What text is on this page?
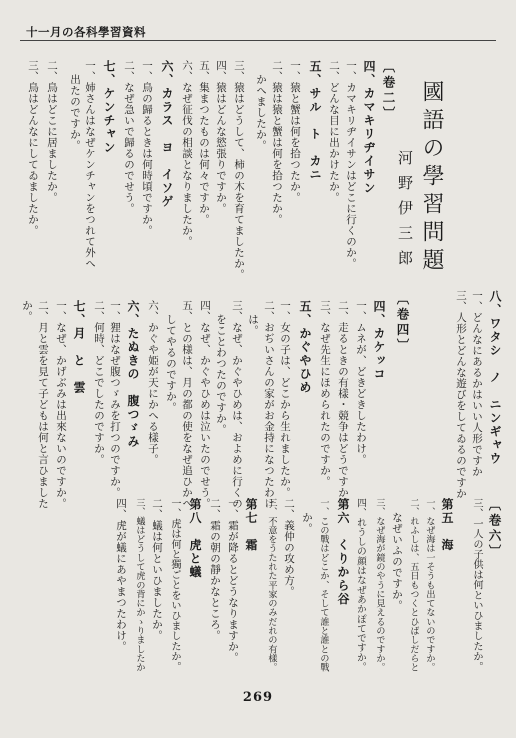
十一月の各科學習資料
三、鳥はどんなにしてゐましたか。 二、鳥はどこに居ましたか。 出たのですか。 一、姉さんはなぜケンチャンをつれて外へ 七、ケンチャン 二、なぜ急いで歸るのでせう。 一、鳥の歸るときは何時頃ですか。 六、カラス　ヨ　イソゲ 六、なぜ征伐の相談となりましたか。 五、集まつたものは何々ですか。 四、猿はどんな慾張りですか。 三、猿はどうして、柿の木を育てましたか。 かへましたか。 二、猿は猿と蟹は何を拾つたか。 一、猿と蟹は何を拾つたか。 五、サル　ト　カニ 二、どんな目に出かけたか。 一、カマキリヂイサンはどこに行くのか。 四、カマキリヂイサン 〔卷二〕 國語の學習問題
河野伊三郎
三、人形とどんな遊びをしてゐるのですか 一、どんなにあるかはいい人形ですか 八、ワタシ　ノ　ニンギャウ
〔卷四〕
四、カケッコ
一、ムネが、どきどきしたわけ。
二、走るときの有樣・競争はどうですか。
三、なぜ先生にほめられたのですか。
五、かぐやひめ
一、女の子は、どこから生れましたか。
二、おぢいさんの家がお金持になつたわけ
は。
三、なぜ、かぐやひめは、およめに行くの
をことわつたのですか。
四、なぜ、かぐやひめは泣いたのでせう。
五、との様は、月の都の使をなぜ追ひかへ
してやるのですか。
六、かぐや姫が天にかへる樣子。
六、たぬきの　腹つゞみ
一、狸はなぜ腹つゞみを打つのですか。
二、何時、どこでしたのですか。
七、月　と　雲
一、なぜ、かげぶみは出來ないのですか。
二、月と雲を見て子どもは何と言ひました
か。
三、一人の子供は何といひましたか。 〔卷六〕
第五　海
一、なぜ海は一そうも出てないのですか。
二、れふしは、五日もつくとひばしだらと
なぜいふのですか。
三、なぜ海が鏡のやうに見えるのですか。
四、れうしの顔はなぜあかぽてですか。
第六　くりから谷
一、この戰はどこか、そして誰と誰との戰
か。
二、義仲の攻め方。
三、不意をうたれた平家のみだれの有樣。
第七　霜
一、霜が降るとどうなりますか。
二、霜の朝の靜かなところ。
第八　虎と蟻
一、虎は何と獨ごとをいひましたか。
二、蟻は何といひましたか。
三、蟻はどうして虎の背にかゝりましたか
四、虎が蟻にあやまつたわけ。
269
